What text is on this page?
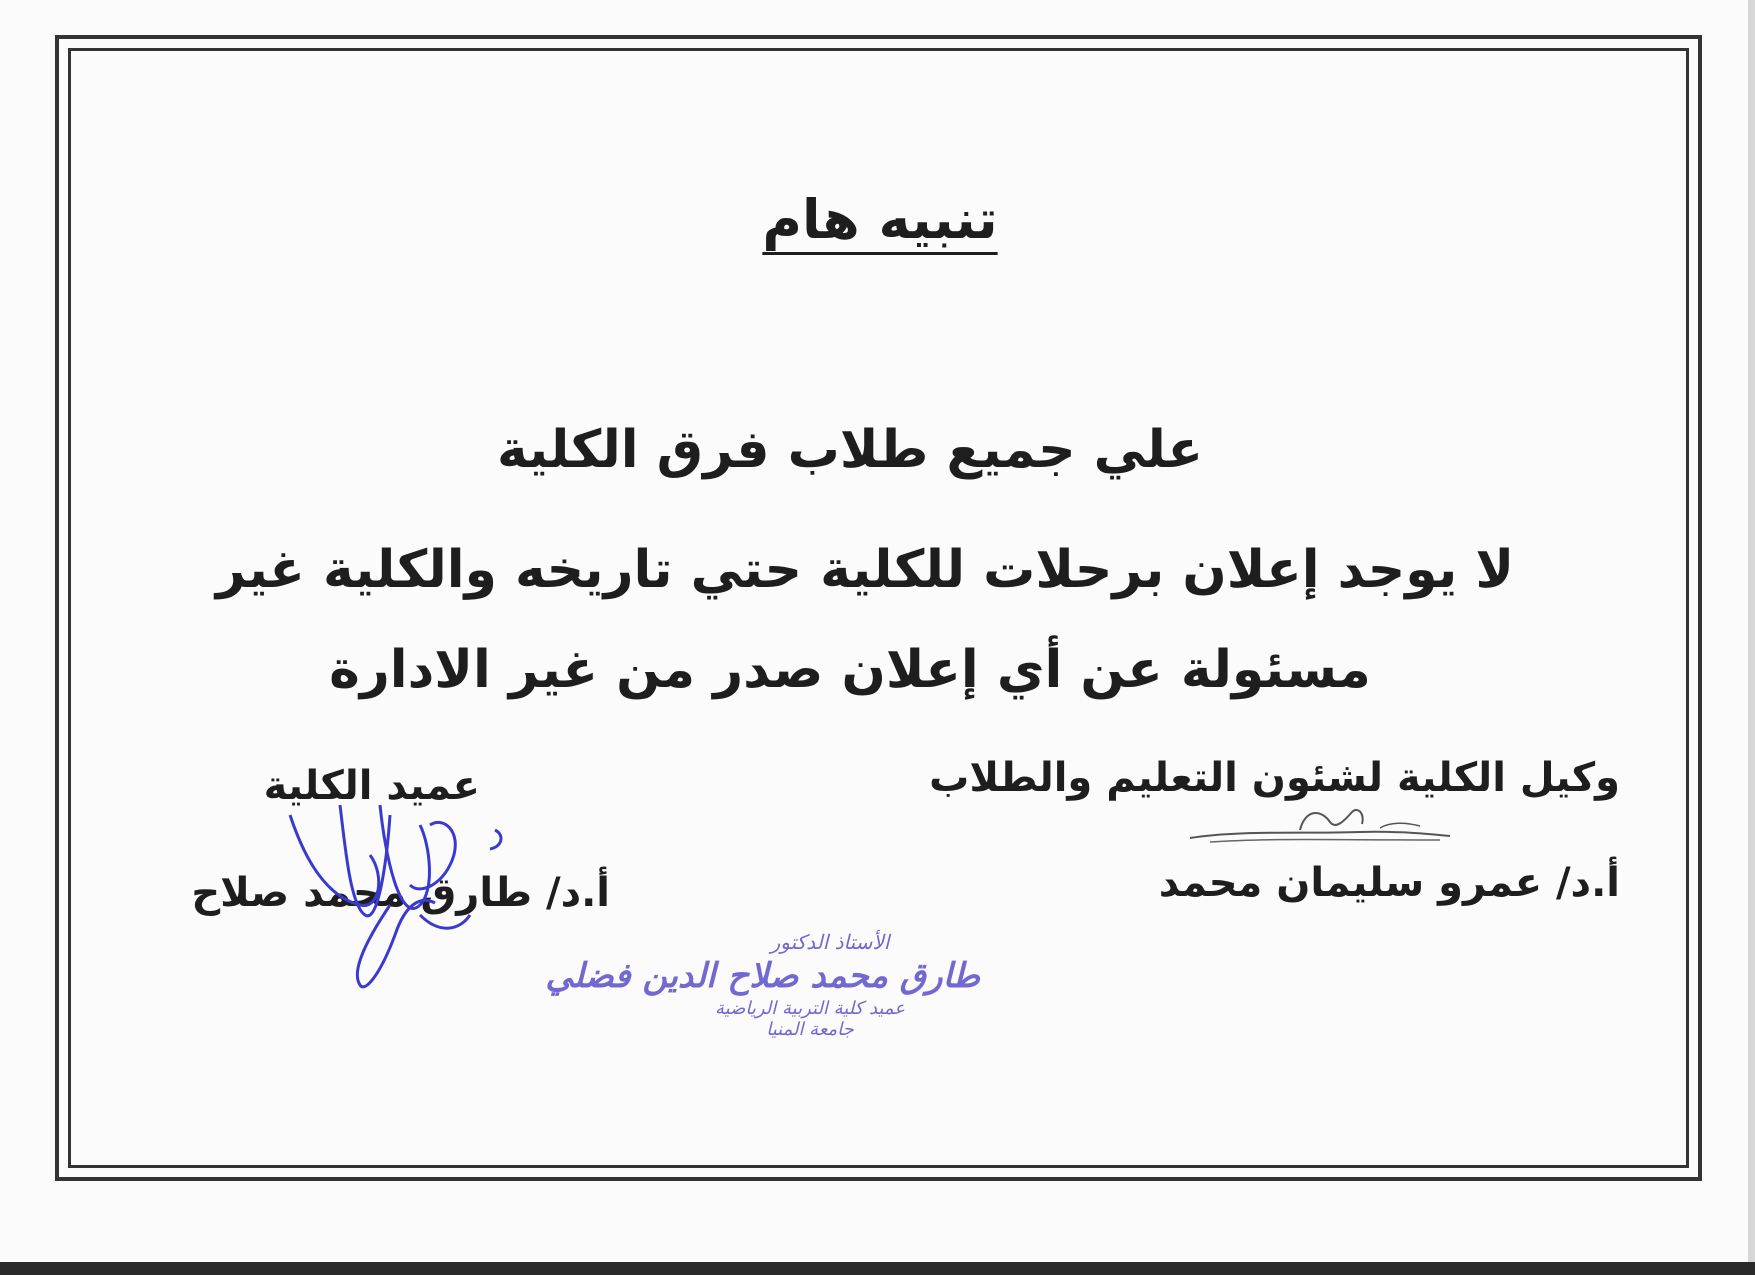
تنبيه هام
علي جميع طلاب فرق الكلية
لا يوجد إعلان برحلات للكلية حتي تاريخه والكلية غير
مسئولة عن أي إعلان صدر من غير الادارة
وكيل الكلية لشئون التعليم والطلاب
أ.د/ عمرو سليمان محمد
عميد الكلية
أ.د/ طارق محمد صلاح
الأستاذ الدكتور
طارق محمد صلاح الدين فضلي
عميد كلية التربية الرياضية
جامعة المنيا
